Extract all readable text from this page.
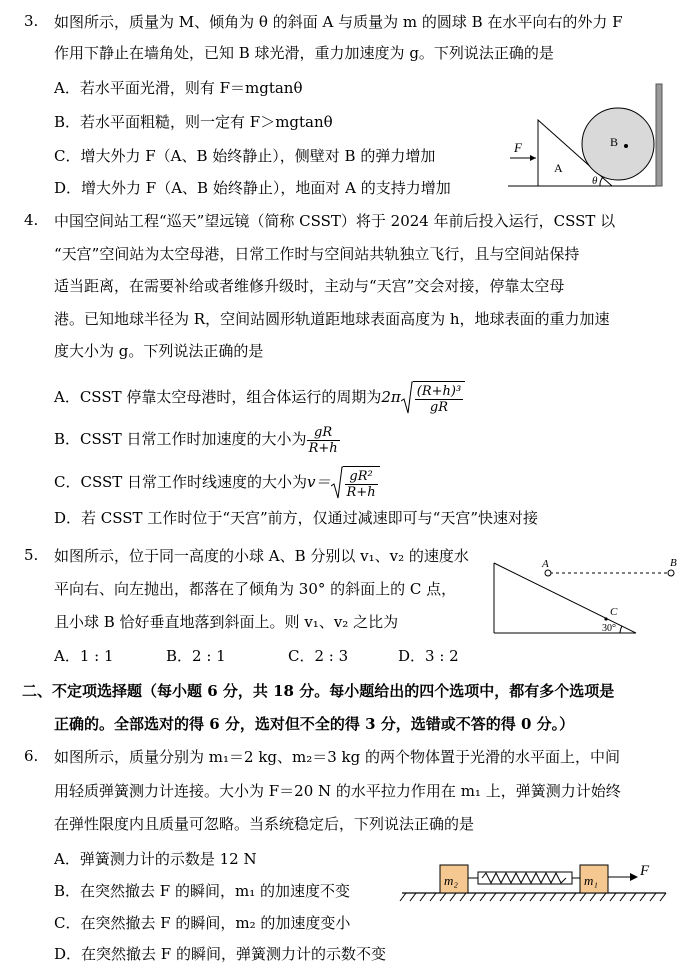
3. 如图所示，质量为 M、倾角为 θ 的斜面 A 与质量为 m 的圆球 B 在水平向右的外力 F
作用下静止在墙角处，已知 B 球光滑，重力加速度为 g。下列说法正确的是
A．若水平面光滑，则有 F＝mgtanθ
B．若水平面粗糙，则一定有 F＞mgtanθ
C．增大外力 F（A、B 始终静止），侧壁对 B 的弹力增加
D．增大外力 F（A、B 始终静止），地面对 A 的支持力增加
F
A
B
θ
4. 中国空间站工程“巡天”望远镜（简称 CSST）将于 2024 年前后投入运行，CSST 以
“天宫”空间站为太空母港，日常工作时与空间站共轨独立飞行，且与空间站保持
适当距离，在需要补给或者维修升级时，主动与“天宫”交会对接，停靠太空母
港。已知地球半径为 R，空间站圆形轨道距地球表面高度为 h，地球表面的重力加速
度大小为 g。下列说法正确的是
A．CSST 停靠太空母港时，组合体运行的周期为$2\pi \frac{\text{(R+h)³}}{gR}$
B．CSST 日常工作时加速度的大小为 $\frac{gR}{R+h}$
C．CSST 日常工作时线速度的大小为$v= \frac{\text{gR²}}{R+h}$
D．若 CSST 工作时位于“天宫”前方，仅通过减速即可与“天宫”快速对接
5. 如图所示，位于同一高度的小球 A、B 分别以 v₁、v₂ 的速度水
平向右、向左抛出，都落在了倾角为 30° 的斜面上的 C 点，
且小球 B 恰好垂直地落到斜面上。则 v₁、v₂ 之比为
A．1 : 1	B．2 : 1	C．2 : 3	D．3 : 2
A	B
C
30°
二、不定项选择题（每小题 6 分，共 18 分。每小题给出的四个选项中，都有多个选项是
正确的。全部选对的得 6 分，选对但不全的得 3 分，选错或不答的得 0 分。）
6. 如图所示，质量分别为 m₁＝2 kg、m₂＝3 kg 的两个物体置于光滑的水平面上，中间
用轻质弹簧测力计连接。大小为 F＝20 N 的水平拉力作用在 m₁ 上，弹簧测力计始终
在弹性限度内且质量可忽略。当系统稳定后，下列说法正确的是
A．弹簧测力计的示数是 12 N
B．在突然撤去 F 的瞬间，m₁ 的加速度不变
C．在突然撤去 F 的瞬间，m₂ 的加速度变小
D．在突然撤去 F 的瞬间，弹簧测力计的示数不变
m₂	m₁
F
